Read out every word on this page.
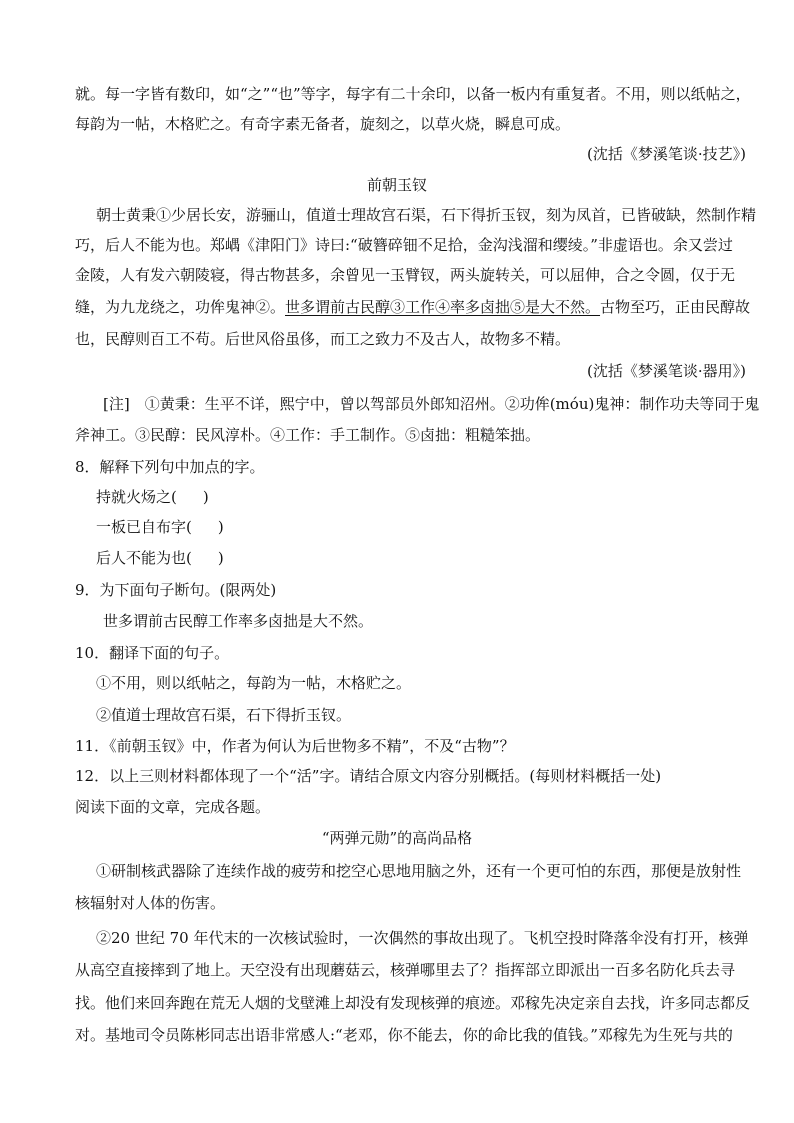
就。每一字皆有数印，如“之”“也”等字，每字有二十余印，以备一板内有重复者。不用，则以纸帖之，
每韵为一帖，木格贮之。有奇字素无备者，旋刻之，以草火烧，瞬息可成。
(沈括《梦溪笔谈·技艺》)
前朝玉钗
朝士黄秉①少居长安，游骊山，值道士理故宫石渠，石下得折玉钗，刻为凤首，已皆破缺，然制作精
巧，后人不能为也。郑嵎《津阳门》诗曰:“破簪碎钿不足拾，金沟浅溜和缨绫。”非虚语也。余又尝过
金陵，人有发六朝陵寝，得古物甚多，余曾见一玉臂钗，两头旋转关，可以屈伸，合之令圆，仅于无
缝，为九龙绕之，功侔鬼神②。世多谓前古民醇③工作④率多卤拙⑤是大不然。古物至巧，正由民醇故
也，民醇则百工不苟。后世风俗虽侈，而工之致力不及古人，故物多不精。
(沈括《梦溪笔谈·器用》)
[注]　①黄秉：生平不详，熙宁中，曾以驾部员外郎知沼州。②功侔(móu)鬼神：制作功夫等同于鬼
斧神工。③民醇：民风淳朴。④工作：手工制作。⑤卤拙：粗糙笨拙。
8．解释下列句中加点的字。
持就火炀之( )
一板已自布字( )
后人不能为也( )
9．为下面句子断句。(限两处)
世多谓前古民醇工作率多卤拙是大不然。
10．翻译下面的句子。
①不用，则以纸帖之，每韵为一帖，木格贮之。
②值道士理故宫石渠，石下得折玉钗。
11．《前朝玉钗》中，作者为何认为后世物多不精”，不及“古物”？
12．以上三则材料都体现了一个“活”字。请结合原文内容分别概括。(每则材料概括一处)
阅读下面的文章，完成各题。
“两弹元勋”的高尚品格
①研制核武器除了连续作战的疲劳和挖空心思地用脑之外，还有一个更可怕的东西，那便是放射性
核辐射对人体的伤害。
②20 世纪 70 年代末的一次核试验时，一次偶然的事故出现了。飞机空投时降落伞没有打开，核弹
从高空直接摔到了地上。天空没有出现蘑菇云，核弹哪里去了？指挥部立即派出一百多名防化兵去寻
找。他们来回奔跑在荒无人烟的戈壁滩上却没有发现核弹的痕迹。邓稼先决定亲自去找，许多同志都反
对。基地司令员陈彬同志出语非常感人:“老邓，你不能去，你的命比我的值钱。”邓稼先为生死与共的
